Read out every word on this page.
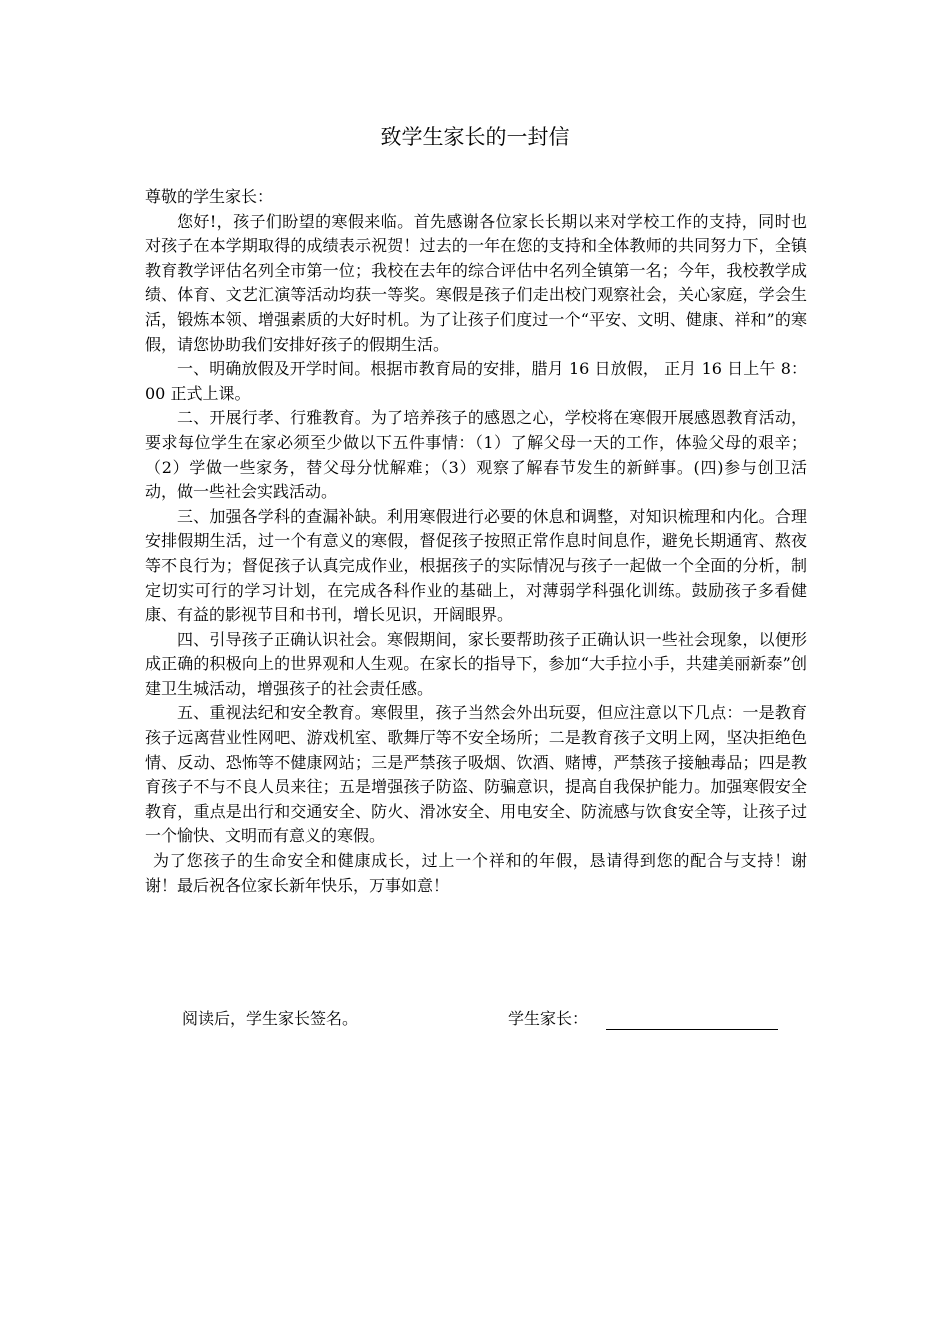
致学生家长的一封信

尊敬的学生家长：

您好!，孩子们盼望的寒假来临。首先感谢各位家长长期以来对学校工作的支持，同时也对孩子在本学期取得的成绩表示祝贺！过去的一年在您的支持和全体教师的共同努力下，全镇教育教学评估名列全市第一位；我校在去年的综合评估中名列全镇第一名；今年，我校教学成绩、体育、文艺汇演等活动均获一等奖。寒假是孩子们走出校门观察社会，关心家庭，学会生活，锻炼本领、增强素质的大好时机。为了让孩子们度过一个“平安、文明、健康、祥和”的寒假，请您协助我们安排好孩子的假期生活。

一、明确放假及开学时间。根据市教育局的安排，腊月 16 日放假， 正月 16 日上午 8：00 正式上课。

二、开展行孝、行雅教育。为了培养孩子的感恩之心，学校将在寒假开展感恩教育活动，要求每位学生在家必须至少做以下五件事情：（1）了解父母一天的工作，体验父母的艰辛；（2）学做一些家务，替父母分忧解难；（3）观察了解春节发生的新鲜事。(四)参与创卫活动，做一些社会实践活动。

三、加强各学科的查漏补缺。利用寒假进行必要的休息和调整，对知识梳理和内化。合理安排假期生活，过一个有意义的寒假，督促孩子按照正常作息时间息作，避免长期通宵、熬夜等不良行为；督促孩子认真完成作业，根据孩子的实际情况与孩子一起做一个全面的分析，制定切实可行的学习计划，在完成各科作业的基础上，对薄弱学科强化训练。鼓励孩子多看健康、有益的影视节目和书刊，增长见识，开阔眼界。

四、引导孩子正确认识社会。寒假期间，家长要帮助孩子正确认识一些社会现象，以便形成正确的积极向上的世界观和人生观。在家长的指导下，参加“大手拉小手，共建美丽新泰”创建卫生城活动，增强孩子的社会责任感。

五、重视法纪和安全教育。寒假里，孩子当然会外出玩耍，但应注意以下几点：一是教育孩子远离营业性网吧、游戏机室、歌舞厅等不安全场所；二是教育孩子文明上网，坚决拒绝色情、反动、恐怖等不健康网站；三是严禁孩子吸烟、饮酒、赌博，严禁孩子接触毒品；四是教育孩子不与不良人员来往；五是增强孩子防盗、防骗意识，提高自我保护能力。加强寒假安全教育，重点是出行和交通安全、防火、滑冰安全、用电安全、防流感与饮食安全等，让孩子过一个愉快、文明而有意义的寒假。

为了您孩子的生命安全和健康成长，过上一个祥和的年假，恳请得到您的配合与支持！谢谢！最后祝各位家长新年快乐，万事如意！

阅读后，学生家长签名。	学生家长：
